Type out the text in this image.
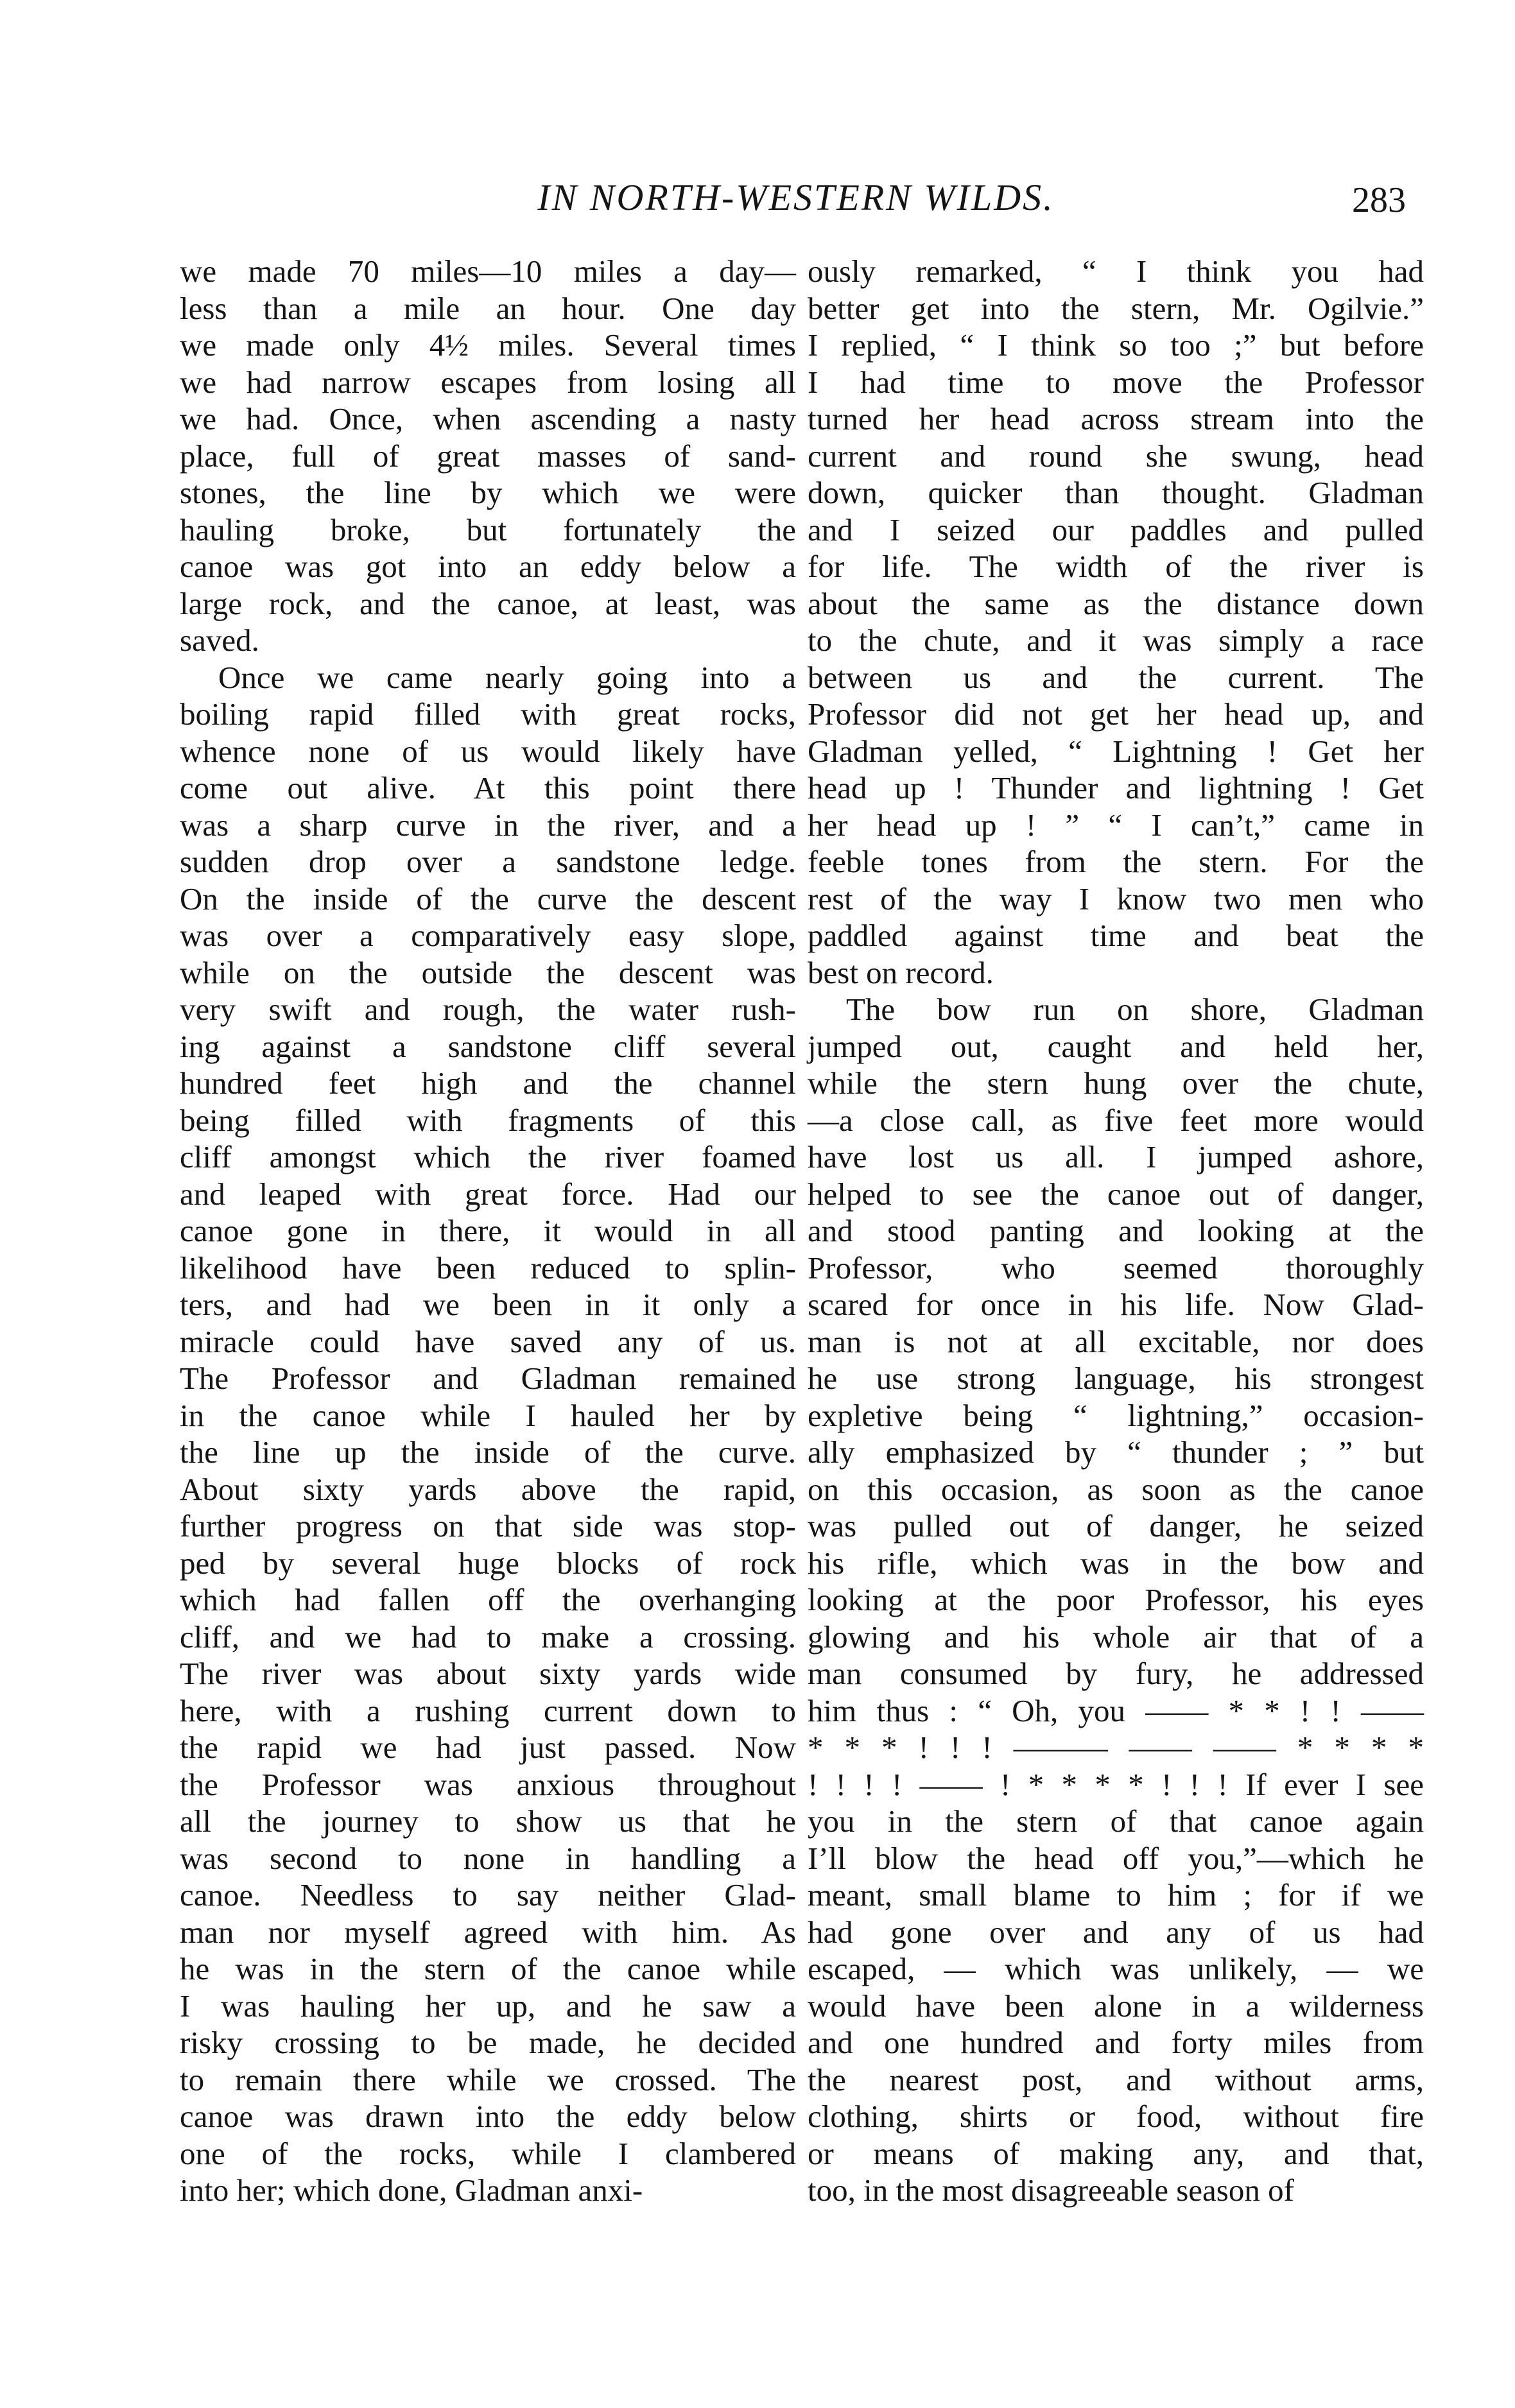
IN NORTH-WESTERN WILDS.	283
we made 70 miles—10 miles a day—
less than a mile an hour. One day
we made only 4½ miles. Several times
we had narrow escapes from losing all
we had. Once, when ascending a nasty
place, full of great masses of sand-
stones, the line by which we were
hauling broke, but fortunately the
canoe was got into an eddy below a
large rock, and the canoe, at least, was
saved.
Once we came nearly going into a
boiling rapid filled with great rocks,
whence none of us would likely have
come out alive. At this point there
was a sharp curve in the river, and a
sudden drop over a sandstone ledge.
On the inside of the curve the descent
was over a comparatively easy slope,
while on the outside the descent was
very swift and rough, the water rush-
ing against a sandstone cliff several
hundred feet high and the channel
being filled with fragments of this
cliff amongst which the river foamed
and leaped with great force. Had our
canoe gone in there, it would in all
likelihood have been reduced to splin-
ters, and had we been in it only a
miracle could have saved any of us.
The Professor and Gladman remained
in the canoe while I hauled her by
the line up the inside of the curve.
About sixty yards above the rapid,
further progress on that side was stop-
ped by several huge blocks of rock
which had fallen off the overhanging
cliff, and we had to make a crossing.
The river was about sixty yards wide
here, with a rushing current down to
the rapid we had just passed. Now
the Professor was anxious throughout
all the journey to show us that he
was second to none in handling a
canoe. Needless to say neither Glad-
man nor myself agreed with him. As
he was in the stern of the canoe while
I was hauling her up, and he saw a
risky crossing to be made, he decided
to remain there while we crossed. The
canoe was drawn into the eddy below
one of the rocks, while I clambered
into her; which done, Gladman anxi-
ously remarked, “ I think you had
better get into the stern, Mr. Ogilvie.”
I replied, “ I think so too ;” but before
I had time to move the Professor
turned her head across stream into the
current and round she swung, head
down, quicker than thought. Gladman
and I seized our paddles and pulled
for life. The width of the river is
about the same as the distance down
to the chute, and it was simply a race
between us and the current. The
Professor did not get her head up, and
Gladman yelled, “ Lightning ! Get her
head up ! Thunder and lightning ! Get
her head up ! ” “ I can’t,” came in
feeble tones from the stern. For the
rest of the way I know two men who
paddled against time and beat the
best on record.
The bow run on shore, Gladman
jumped out, caught and held her,
while the stern hung over the chute,
—a close call, as five feet more would
have lost us all. I jumped ashore,
helped to see the canoe out of danger,
and stood panting and looking at the
Professor, who seemed thoroughly
scared for once in his life. Now Glad-
man is not at all excitable, nor does
he use strong language, his strongest
expletive being “ lightning,” occasion-
ally emphasized by “ thunder ; ” but
on this occasion, as soon as the canoe
was pulled out of danger, he seized
his rifle, which was in the bow and
looking at the poor Professor, his eyes
glowing and his whole air that of a
man consumed by fury, he addressed
him thus : “ Oh, you —— * * ! ! ——
* * * ! ! ! ——— —— —— * * * *
! ! ! ! —— ! * * * * ! ! ! If ever I see
you in the stern of that canoe again
I’ll blow the head off you,”—which he
meant, small blame to him ; for if we
had gone over and any of us had
escaped, — which was unlikely, — we
would have been alone in a wilderness
and one hundred and forty miles from
the nearest post, and without arms,
clothing, shirts or food, without fire
or means of making any, and that,
too, in the most disagreeable season of
